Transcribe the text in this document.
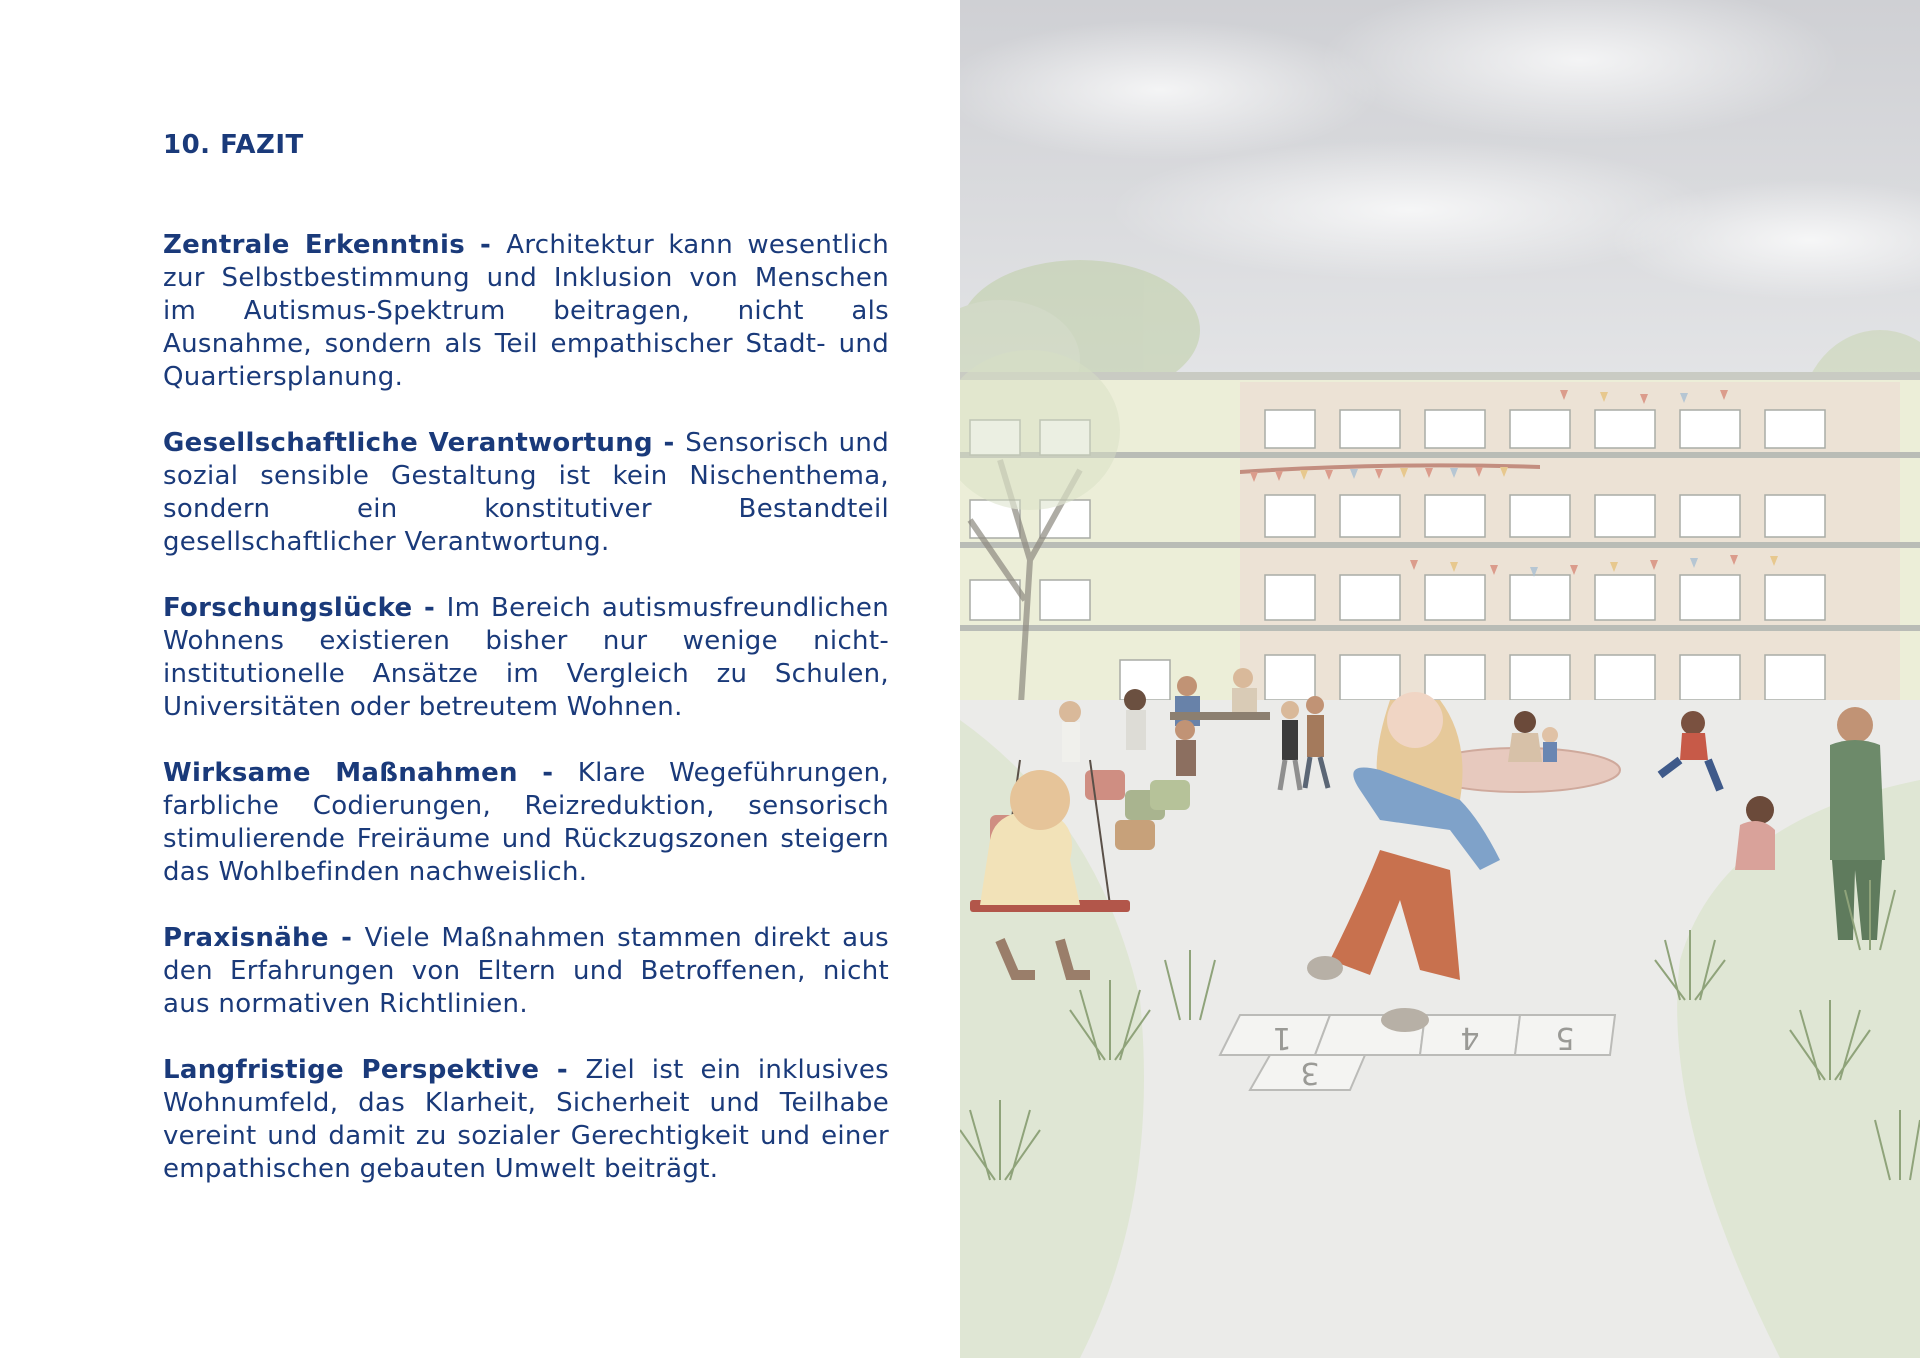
10. FAZIT

Zentrale Erkenntnis - Architektur kann wesentlich zur Selbstbestimmung und Inklusion von Menschen im Autismus-Spektrum beitragen, nicht als Ausnahme, sondern als Teil empathischer Stadt- und Quartiersplanung.

Gesellschaftliche Verantwortung - Sensorisch und sozial sensible Gestaltung ist kein Nischenthema, sondern ein konstitutiver Bestandteil gesellschaftlicher Verantwortung.

Forschungslücke - Im Bereich autismusfreundlichen Wohnens existieren bisher nur wenige nicht-institutionelle Ansätze im Vergleich zu Schulen, Universitäten oder betreutem Wohnen.

Wirksame Maßnahmen - Klare Wegeführungen, farbliche Codierungen, Reizreduktion, sensorisch stimulierende Freiräume und Rückzugszonen steigern das Wohlbefinden nachweislich.

Praxisnähe - Viele Maßnahmen stammen direkt aus den Erfahrungen von Eltern und Betroffenen, nicht aus normativen Richtlinien.

Langfristige Perspektive - Ziel ist ein inklusives Wohnumfeld, das Klarheit, Sicherheit und Teilhabe vereint und damit zu sozialer Gerechtigkeit und einer empathischen gebauten Umwelt beiträgt.

1
3
4	5
